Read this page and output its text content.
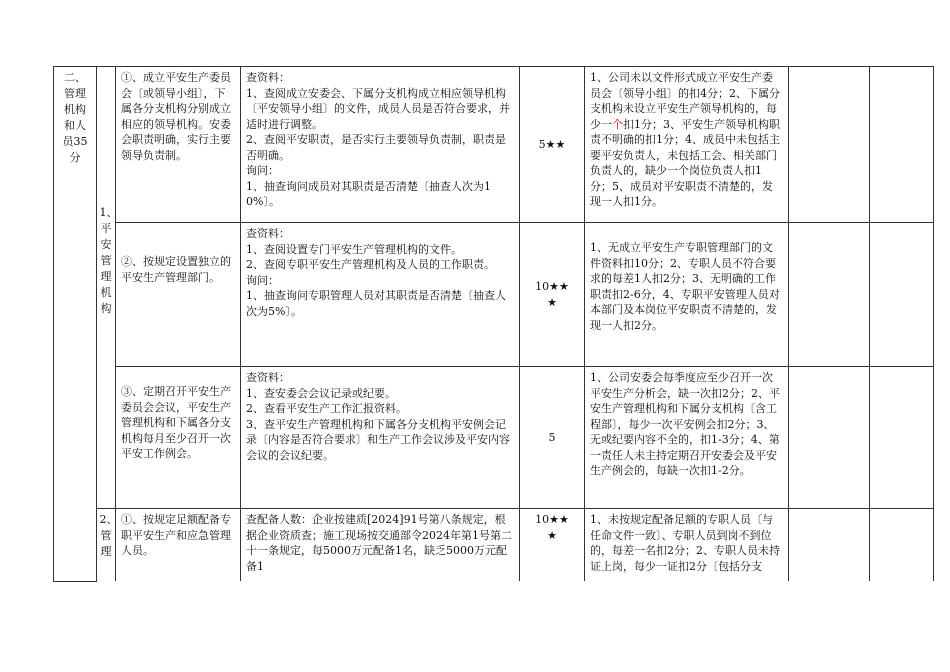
二、管理机构和人员35分	1、平安管理机构	①、成立平安生产委员会〔或领导小组〕，下属各分支机构分别成立相应的领导机构。安委会职责明确，实行主要领导负责制。	查资料：
1、查阅成立安委会、下属分支机构成立相应领导机构〔平安领导小组〕的文件，成员人员是否符合要求，并适时进行调整。
2、查阅平安职责，是否实行主要领导负责制，职责是否明确。
询问：
1、抽查询问成员对其职责是否清楚〔抽查人次为10%〕。	5★★	1、公司未以文件形式成立平安生产委员会〔领导小组〕的扣4分；2、下属分支机构未设立平安生产领导机构的，每少一个扣1分；3、平安生产领导机构职责不明确的扣1分；4、成员中未包括主要平安负责人，未包括工会、相关部门负责人的，缺少一个岗位负责人扣1分；5、成员对平安职责不清楚的，发现一人扣1分。		

②、按规定设置独立的平安生产管理部门。	查资料：
1、查阅设置专门平安生产管理机构的文件。
2、查阅专职平安生产管理机构及人员的工作职责。
询问：
1、抽查询问专职管理人员对其职责是否清楚〔抽查人次为5%〕。	10★★★	1、无成立平安生产专职管理部门的文件资料扣10分；2、专职人员不符合要求的每差1人扣2分；3、无明确的工作职责扣2-6分，4、专职平安管理人员对本部门及本岗位平安职责不清楚的，发现一人扣2分。		

③、定期召开平安生产委员会会议，平安生产管理机构和下属各分支机构每月至少召开一次平安工作例会。	查资料：
1、查安委会会议记录或纪要。
2、查看平安生产工作汇报资料。
3、查平安生产管理机构和下属各分支机构平安例会记录〔内容是否符合要求〕和生产工作会议涉及平安内容会议的会议纪要。	5	1、公司安委会每季度应至少召开一次平安生产分析会，缺一次扣2分；2、平安生产管理机构和下属分支机构〔含工程部〕，每少一次平安例会扣2分；3、无或纪要内容不全的，扣1-3分；4、第一责任人未主持定期召开安委会及平安生产例会的，每缺一次扣1-2分。		

	2、管理	①、按规定足额配备专职平安生产和应急管理人员。	查配备人数：企业按建质[2024]91号第八条规定，根据企业资质查；施工现场按交通部令2024年第1号第二十一条规定，每5000万元配备1名，缺乏5000万元配备1	10★★★	1、未按规定配备足额的专职人员〔与任命文件一致〕、专职人员到岗不到位的，每差一名扣2分；2、专职人员未持证上岗，每少一证扣2分〔包括分支		
